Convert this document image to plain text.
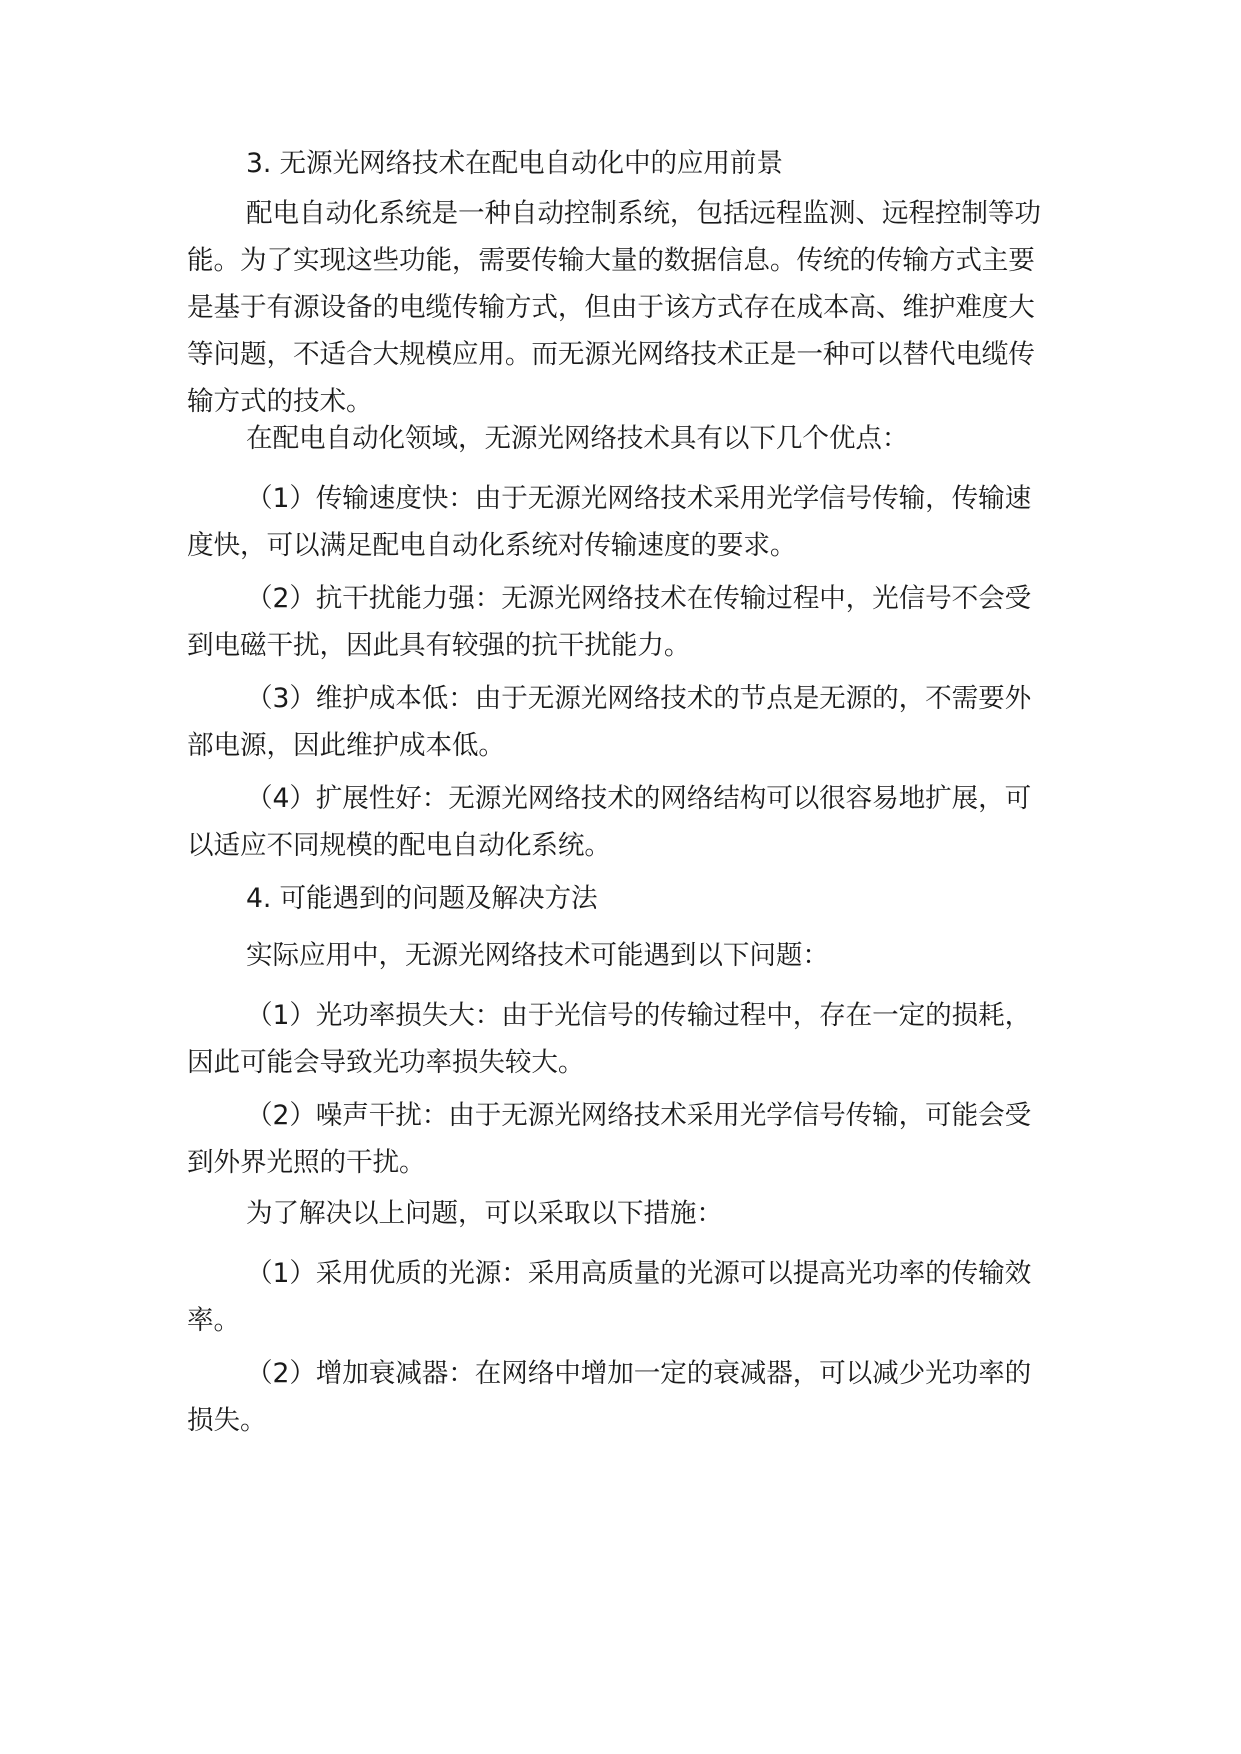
3. 无源光网络技术在配电自动化中的应用前景
配电自动化系统是一种自动控制系统，包括远程监测、远程控制等功能。为了实现这些功能，需要传输大量的数据信息。传统的传输方式主要是基于有源设备的电缆传输方式，但由于该方式存在成本高、维护难度大等问题，不适合大规模应用。而无源光网络技术正是一种可以替代电缆传输方式的技术。
在配电自动化领域，无源光网络技术具有以下几个优点：
（1）传输速度快：由于无源光网络技术采用光学信号传输，传输速度快，可以满足配电自动化系统对传输速度的要求。
（2）抗干扰能力强：无源光网络技术在传输过程中，光信号不会受到电磁干扰，因此具有较强的抗干扰能力。
（3）维护成本低：由于无源光网络技术的节点是无源的，不需要外部电源，因此维护成本低。
（4）扩展性好：无源光网络技术的网络结构可以很容易地扩展，可以适应不同规模的配电自动化系统。
4. 可能遇到的问题及解决方法
实际应用中，无源光网络技术可能遇到以下问题：
（1）光功率损失大：由于光信号的传输过程中，存在一定的损耗，因此可能会导致光功率损失较大。
（2）噪声干扰：由于无源光网络技术采用光学信号传输，可能会受到外界光照的干扰。
为了解决以上问题，可以采取以下措施：
（1）采用优质的光源：采用高质量的光源可以提高光功率的传输效率。
（2）增加衰减器：在网络中增加一定的衰减器，可以减少光功率的损失。
